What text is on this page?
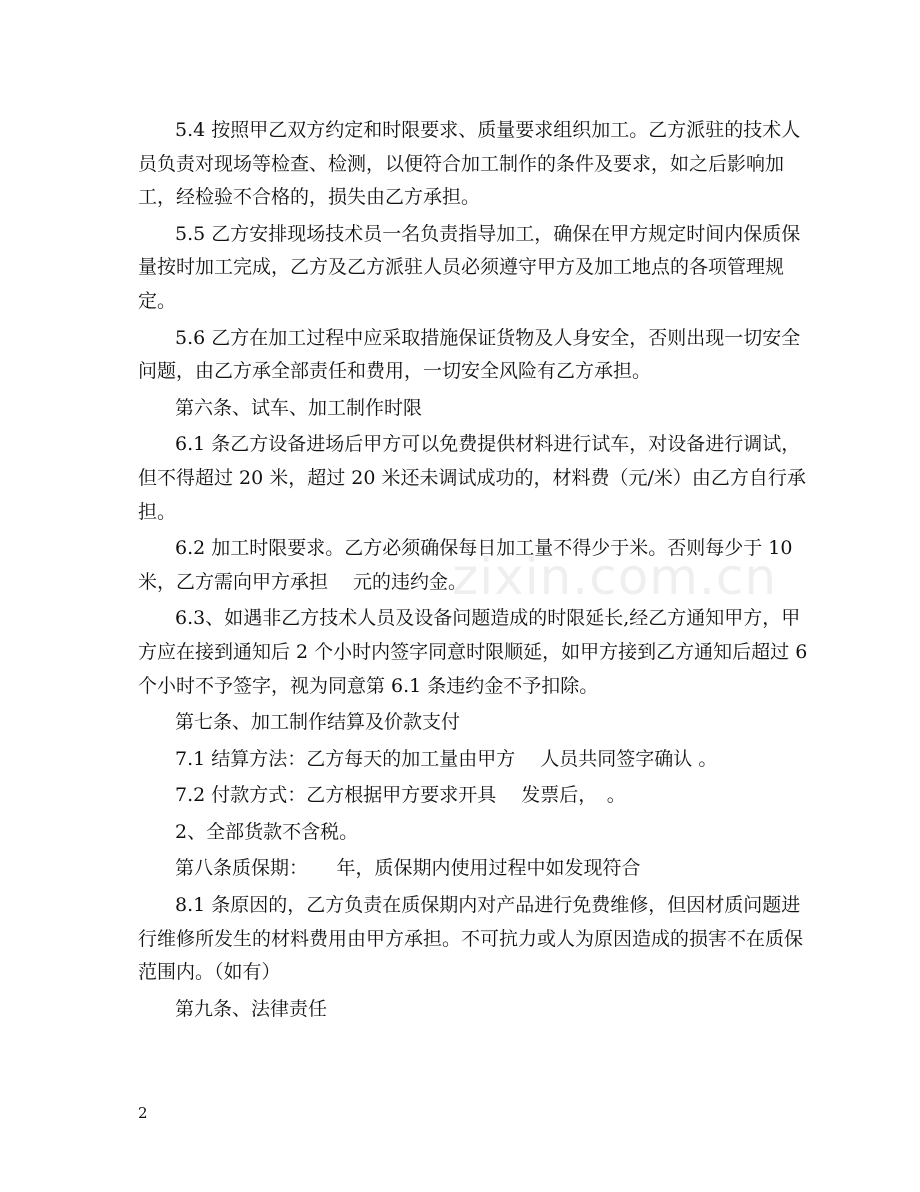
5.4 按照甲乙双方约定和时限要求、质量要求组织加工。乙方派驻的技术人
员负责对现场等检查、检测，以便符合加工制作的条件及要求，如之后影响加
工，经检验不合格的，损失由乙方承担。
5.5 乙方安排现场技术员一名负责指导加工，确保在甲方规定时间内保质保
量按时加工完成，乙方及乙方派驻人员必须遵守甲方及加工地点的各项管理规
定。
5.6 乙方在加工过程中应采取措施保证货物及人身安全，否则出现一切安全
问题，由乙方承全部责任和费用，一切安全风险有乙方承担。
第六条、试车、加工制作时限
6.1 条乙方设备进场后甲方可以免费提供材料进行试车，对设备进行调试，
但不得超过 20 米，超过 20 米还未调试成功的，材料费（元/米）由乙方自行承
担。
6.2 加工时限要求。乙方必须确保每日加工量不得少于米。否则每少于 10
米，乙方需向甲方承担　 元的违约金。
6.3、如遇非乙方技术人员及设备问题造成的时限延长,经乙方通知甲方，甲
方应在接到通知后 2 个小时内签字同意时限顺延，如甲方接到乙方通知后超过 6
个小时不予签字，视为同意第 6.1 条违约金不予扣除。
第七条、加工制作结算及价款支付
7.1 结算方法：乙方每天的加工量由甲方　 人员共同签字确认 。
7.2 付款方式：乙方根据甲方要求开具　 发票后，　。
2、全部货款不含税。
第八条质保期：　　年，质保期内使用过程中如发现符合
8.1 条原因的，乙方负责在质保期内对产品进行免费维修，但因材质问题进
行维修所发生的材料费用由甲方承担。不可抗力或人为原因造成的损害不在质保
范围内。（如有）
第九条、法律责任
zixin.com.cn
2
